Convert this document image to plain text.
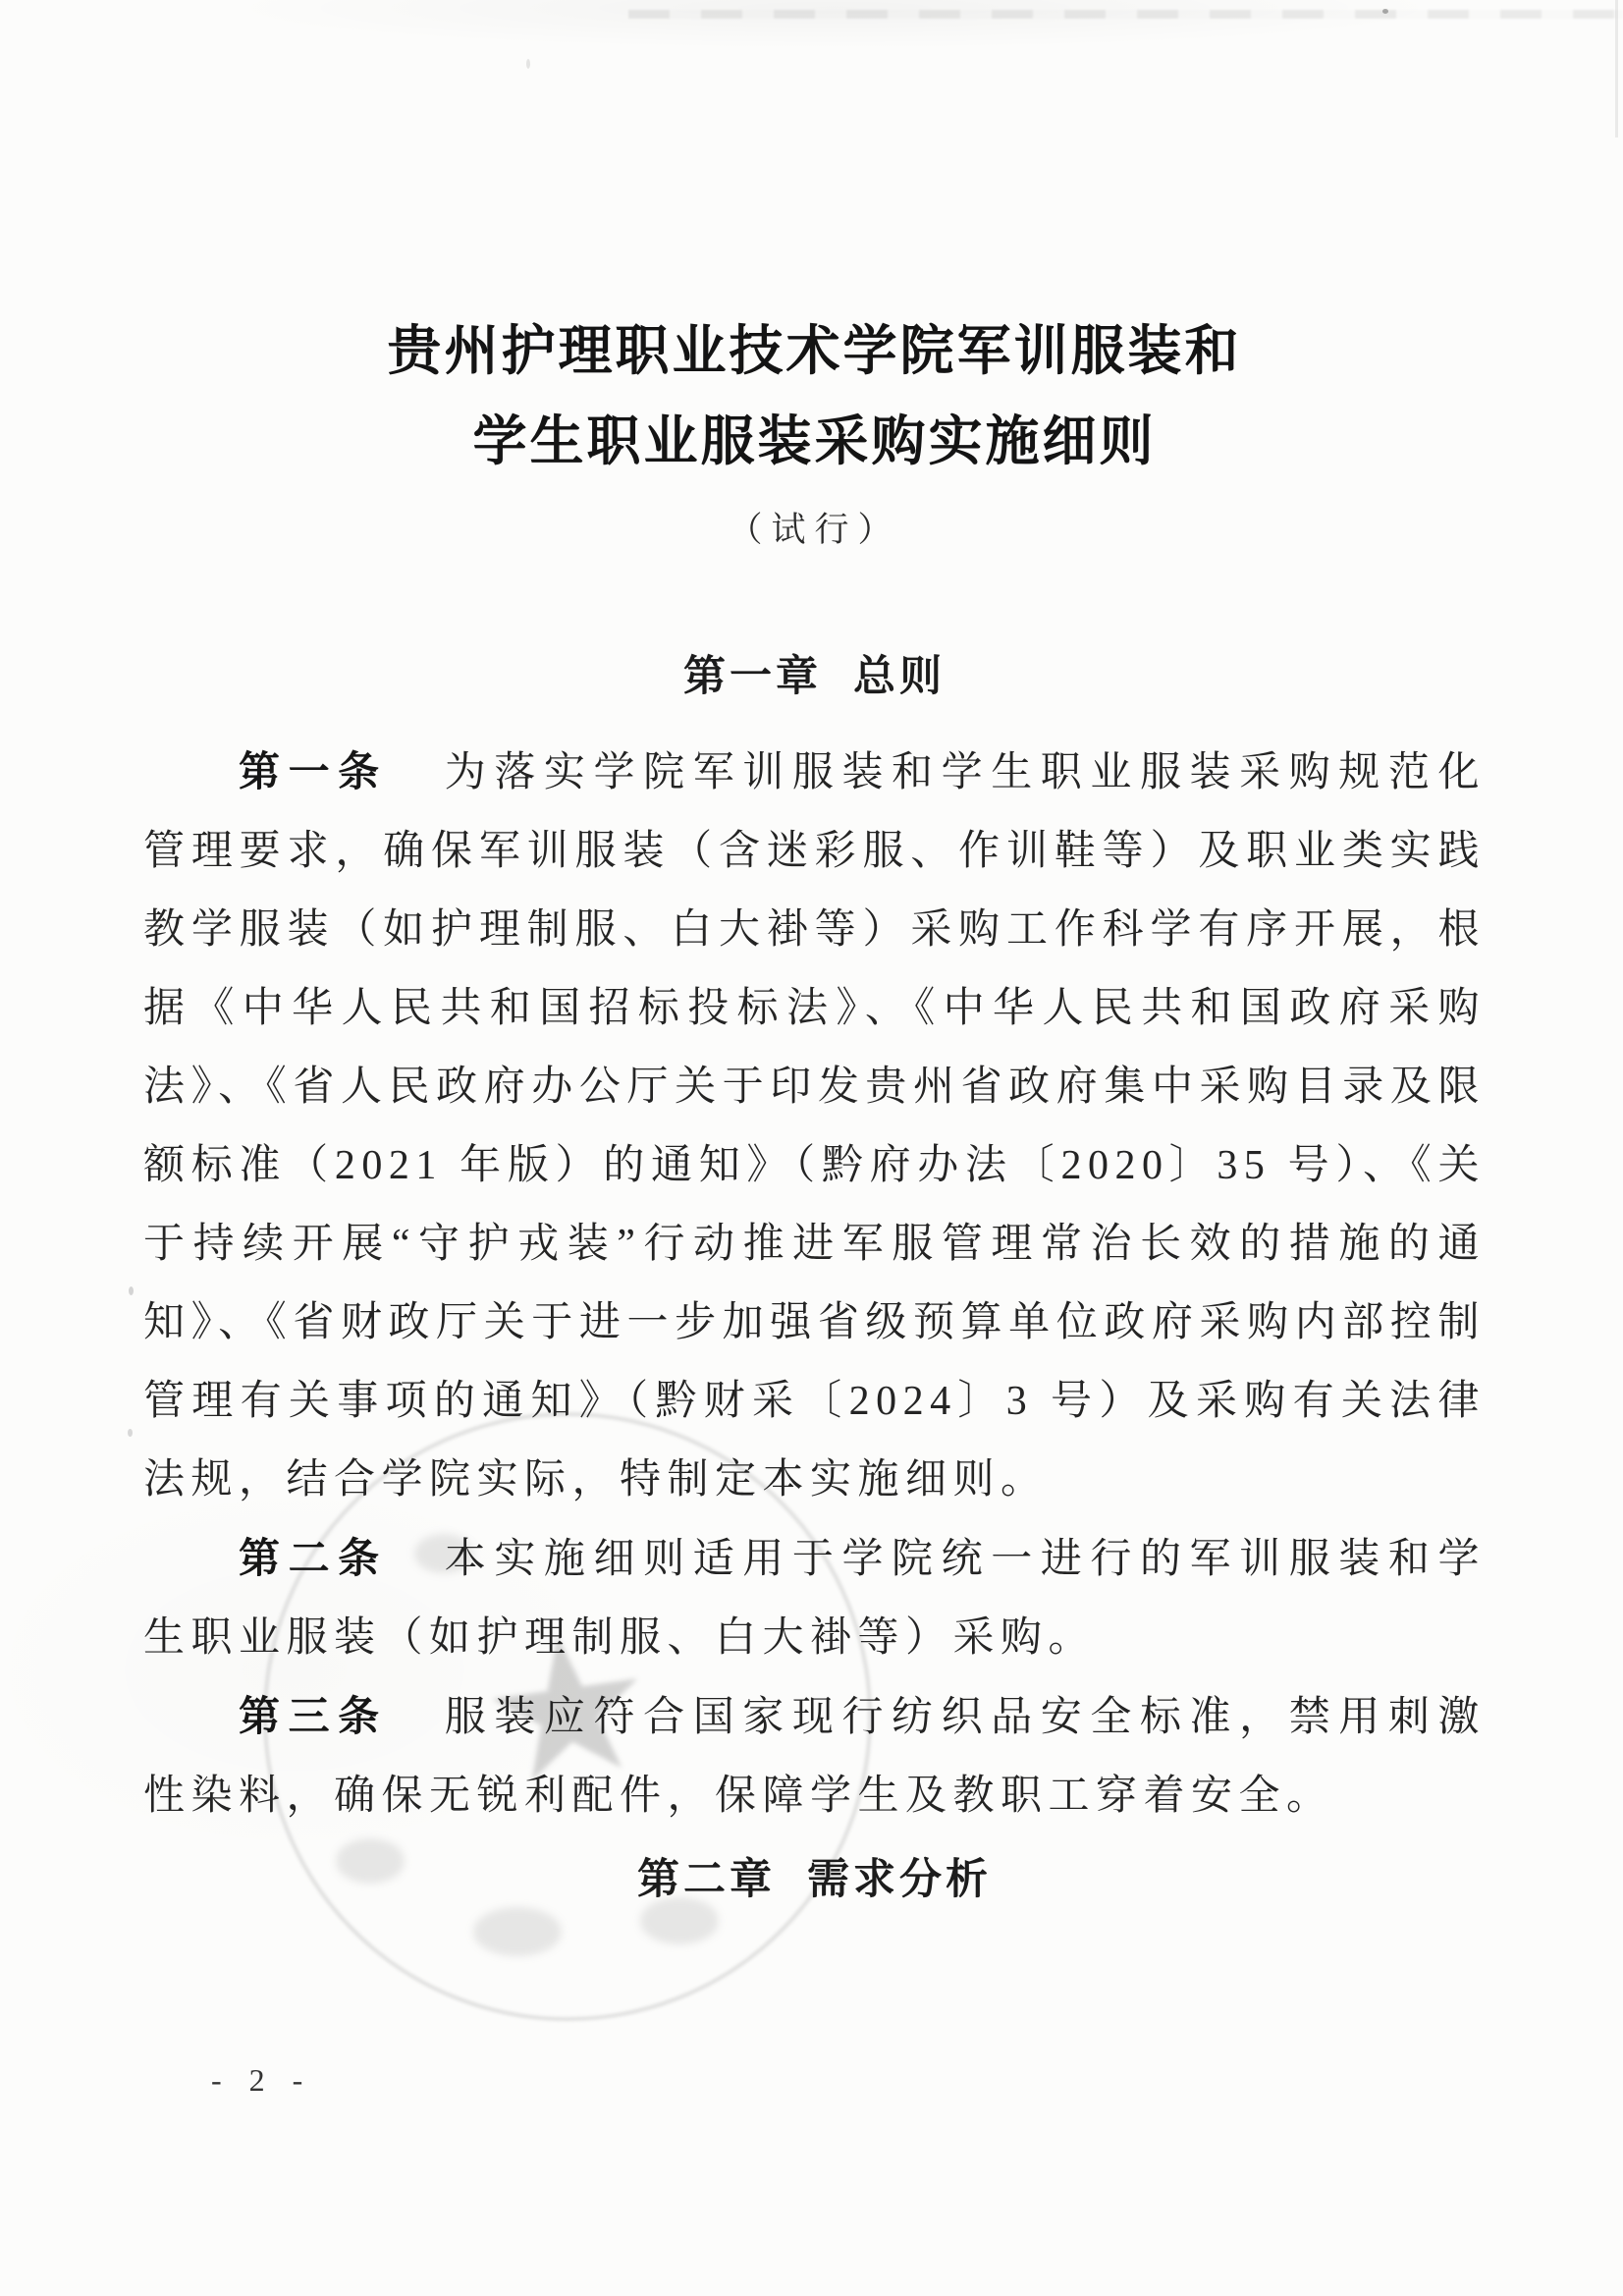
★
贵州护理职业技术学院军训服装和
学生职业服装采购实施细则
（试行）
第一章 总则

第一条 为落实学院军训服装和学生职业服装采购规范化管理要求，确保军训服装（含迷彩服、作训鞋等）及职业类实践教学服装（如护理制服、白大褂等）采购工作科学有序开展，根据《中华人民共和国招标投标法》、《中华人民共和国政府采购法》、《省人民政府办公厅关于印发贵州省政府集中采购目录及限额标准（2021 年版）的通知》（黔府办法〔2020〕35 号）、《关于持续开展“守护戎装”行动推进军服管理常治长效的措施的通知》、《省财政厅关于进一步加强省级预算单位政府采购内部控制管理有关事项的通知》（黔财采〔2024〕3 号）及采购有关法律法规，结合学院实际，特制定本实施细则。

第二条 本实施细则适用于学院统一进行的军训服装和学生职业服装（如护理制服、白大褂等）采购。

第三条 服装应符合国家现行纺织品安全标准，禁用刺激性染料，确保无锐利配件，保障学生及教职工穿着安全。

第二章 需求分析
- 2 -
